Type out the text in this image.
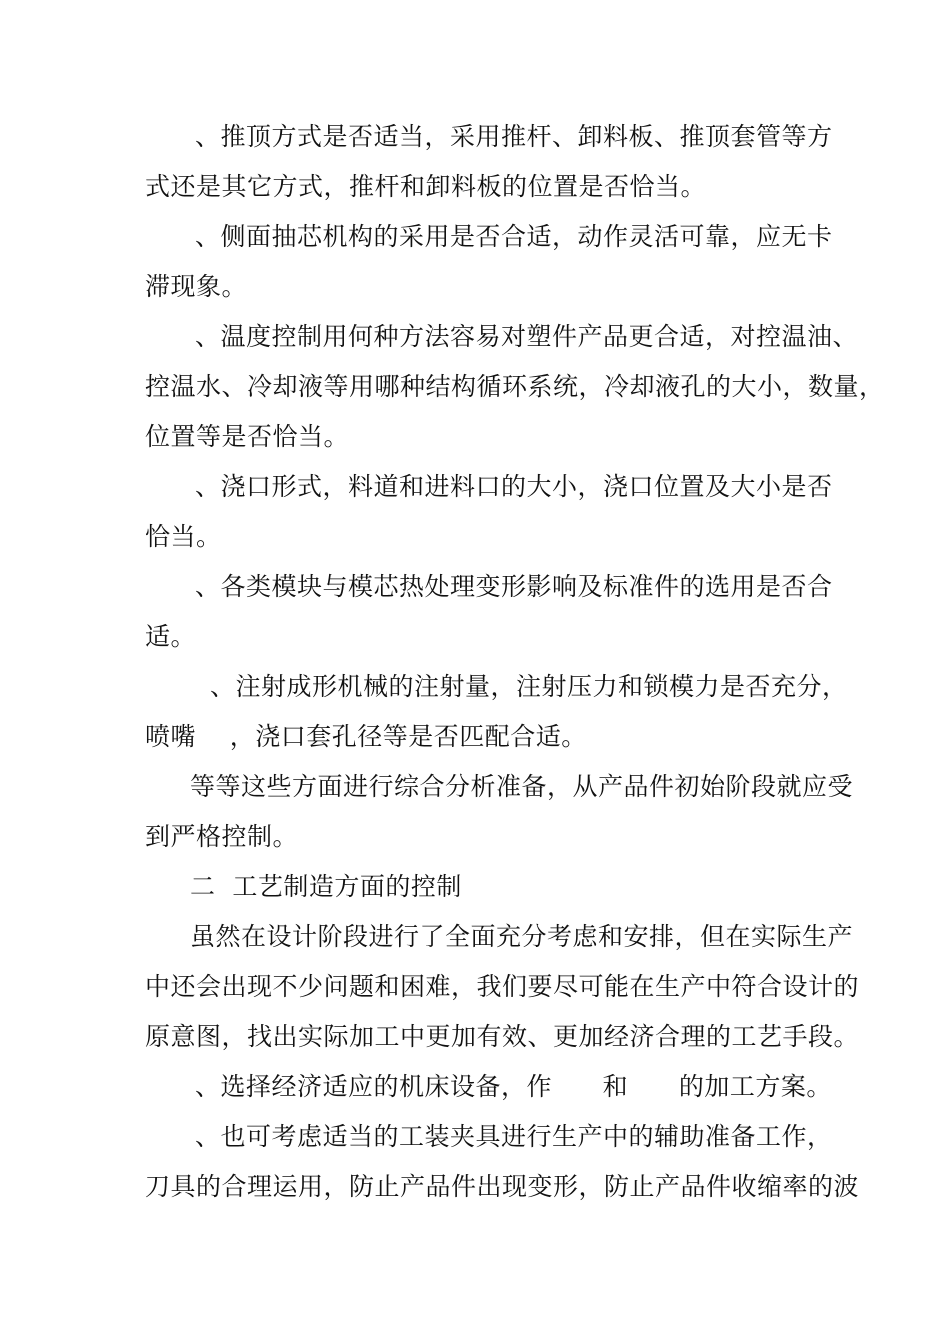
、推顶方式是否适当，采用推杆、卸料板、推顶套管等方
式还是其它方式，推杆和卸料板的位置是否恰当。
、侧面抽芯机构的采用是否合适，动作灵活可靠，应无卡
滞现象。
、温度控制用何种方法容易对塑件产品更合适，对控温油、
控温水、冷却液等用哪种结构循环系统，冷却液孔的大小，数量，
位置等是否恰当。
、浇口形式，料道和进料口的大小，浇口位置及大小是否
恰当。
、各类模块与模芯热处理变形影响及标准件的选用是否合
适。
、注射成形机械的注射量，注射压力和锁模力是否充分，
喷嘴    ，浇口套孔径等是否匹配合适。
等等这些方面进行综合分析准备，从产品件初始阶段就应受
到严格控制。
二  工艺制造方面的控制
虽然在设计阶段进行了全面充分考虑和安排，但在实际生产
中还会出现不少问题和困难，我们要尽可能在生产中符合设计的
原意图，找出实际加工中更加有效、更加经济合理的工艺手段。
、选择经济适应的机床设备，作      和      的加工方案。
、也可考虑适当的工装夹具进行生产中的辅助准备工作，
刀具的合理运用，防止产品件出现变形，防止产品件收缩率的波
